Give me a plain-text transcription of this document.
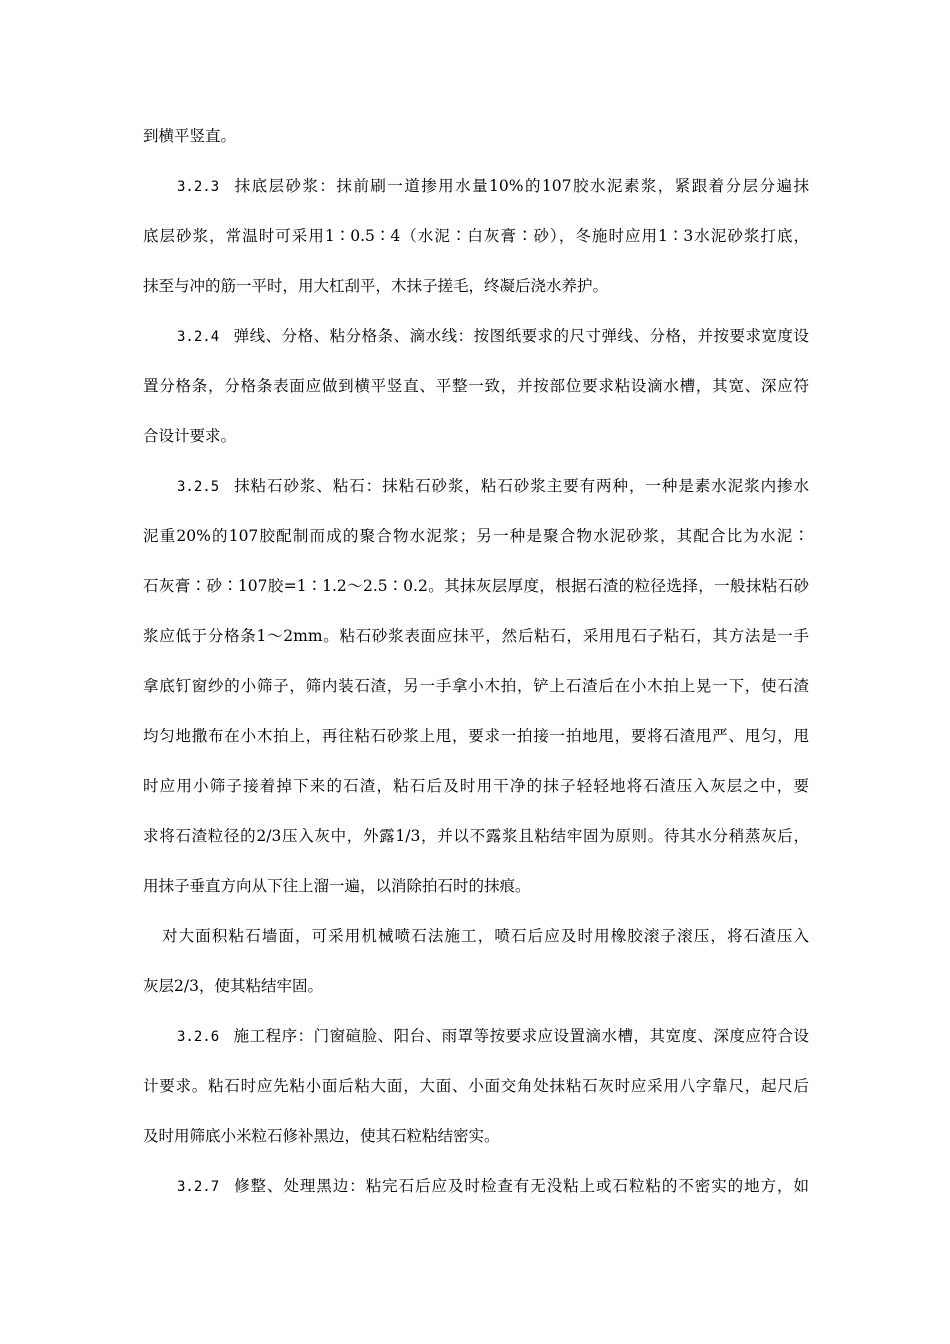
到横平竖直。
3.2.3 抹底层砂浆：抹前刷一道掺用水量10%的107胶水泥素浆，紧跟着分层分遍抹
底层砂浆，常温时可采用1∶0.5∶4（水泥∶白灰膏∶砂），冬施时应用1∶3水泥砂浆打底，
抹至与冲的筋一平时，用大杠刮平，木抹子搓毛，终凝后浇水养护。
3.2.4 弹线、分格、粘分格条、滴水线：按图纸要求的尺寸弹线、分格，并按要求宽度设
置分格条，分格条表面应做到横平竖直、平整一致，并按部位要求粘设滴水槽，其宽、深应符
合设计要求。
3.2.5 抹粘石砂浆、粘石：抹粘石砂浆，粘石砂浆主要有两种，一种是素水泥浆内掺水
泥重20%的107胶配制而成的聚合物水泥浆；另一种是聚合物水泥砂浆，其配合比为水泥∶
石灰膏∶砂∶107胶=1∶1.2～2.5∶0.2。其抹灰层厚度，根据石渣的粒径选择，一般抹粘石砂
浆应低于分格条1～2mm。粘石砂浆表面应抹平，然后粘石，采用甩石子粘石，其方法是一手
拿底钉窗纱的小筛子，筛内装石渣，另一手拿小木拍，铲上石渣后在小木拍上晃一下，使石渣
均匀地撒布在小木拍上，再往粘石砂浆上甩，要求一拍接一拍地甩，要将石渣甩严、甩匀，甩
时应用小筛子接着掉下来的石渣，粘石后及时用干净的抹子轻轻地将石渣压入灰层之中，要
求将石渣粒径的2/3压入灰中，外露1/3，并以不露浆且粘结牢固为原则。待其水分稍蒸灰后，
用抹子垂直方向从下往上溜一遍，以消除拍石时的抹痕。
对大面积粘石墙面，可采用机械喷石法施工，喷石后应及时用橡胶滚子滚压，将石渣压入
灰层2/3，使其粘结牢固。
3.2.6 施工程序：门窗碹脸、阳台、雨罩等按要求应设置滴水槽，其宽度、深度应符合设
计要求。粘石时应先粘小面后粘大面，大面、小面交角处抹粘石灰时应采用八字靠尺，起尺后
及时用筛底小米粒石修补黑边，使其石粒粘结密实。
3.2.7 修整、处理黑边：粘完石后应及时检查有无没粘上或石粒粘的不密实的地方，如
